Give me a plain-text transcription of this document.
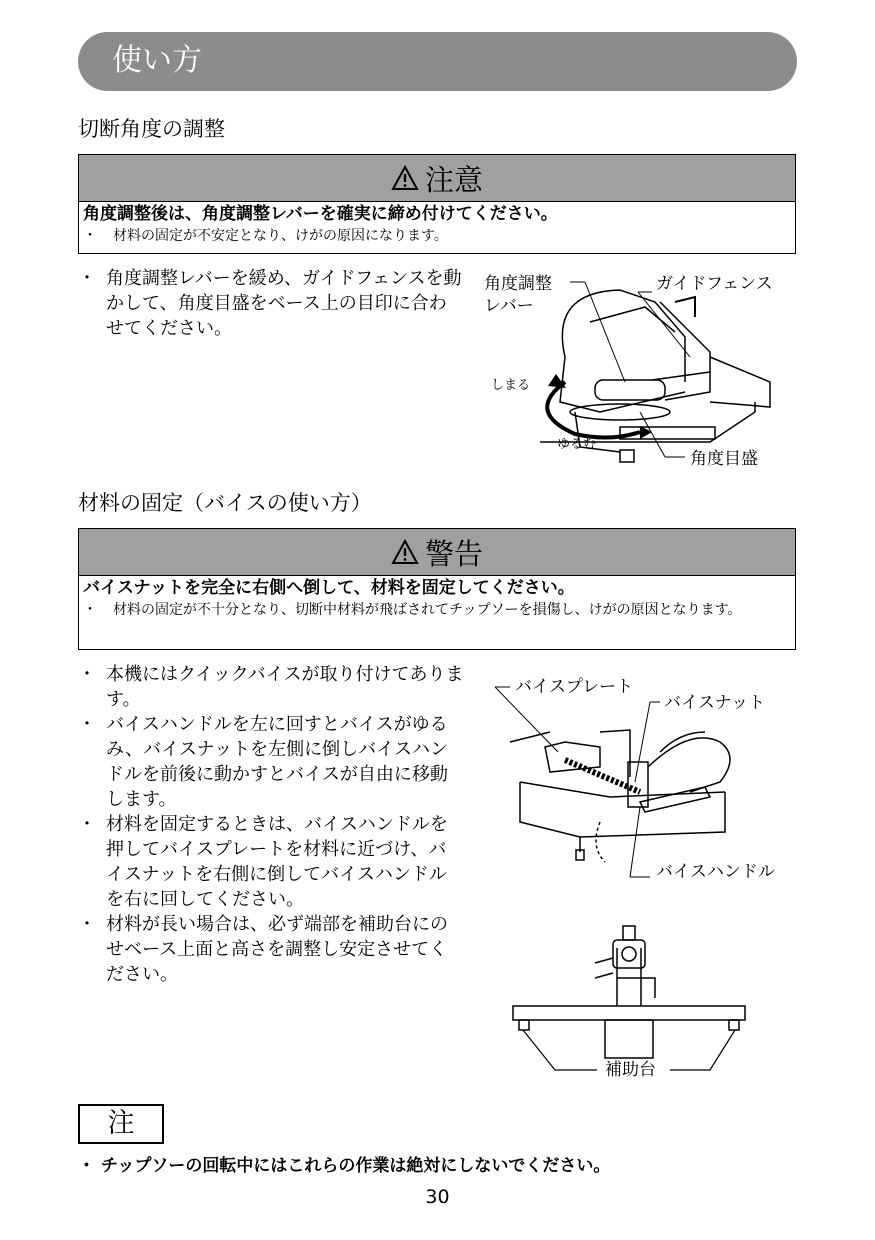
使い方
切断角度の調整
注意
角度調整後は、角度調整レバーを確実に締め付けてください。
・	材料の固定が不安定となり、けがの原因になります。
・ 角度調整レバーを緩め、ガイドフェンスを動かして、角度目盛をベース上の目印に合わせてください。
角度調整
レバー
ガイドフェンス
しまる
ゆるむ
角度目盛
材料の固定（バイスの使い方）
警告
バイスナットを完全に右側へ倒して、材料を固定してください。
・	材料の固定が不十分となり、切断中材料が飛ばされてチップソーを損傷し、けがの原因となります。
・ 本機にはクイックバイスが取り付けてあります。
・ バイスハンドルを左に回すとバイスがゆるみ、バイスナットを左側に倒しバイスハンドルを前後に動かすとバイスが自由に移動します。
・ 材料を固定するときは、バイスハンドルを押してバイスプレートを材料に近づけ、バイスナットを右側に倒してバイスハンドルを右に回してください。
・ 材料が長い場合は、必ず端部を補助台にのせベース上面と高さを調整し安定させてください。
バイスプレート
バイスナット
バイスハンドル
補助台
注
・ チップソーの回転中にはこれらの作業は絶対にしないでください。
30
